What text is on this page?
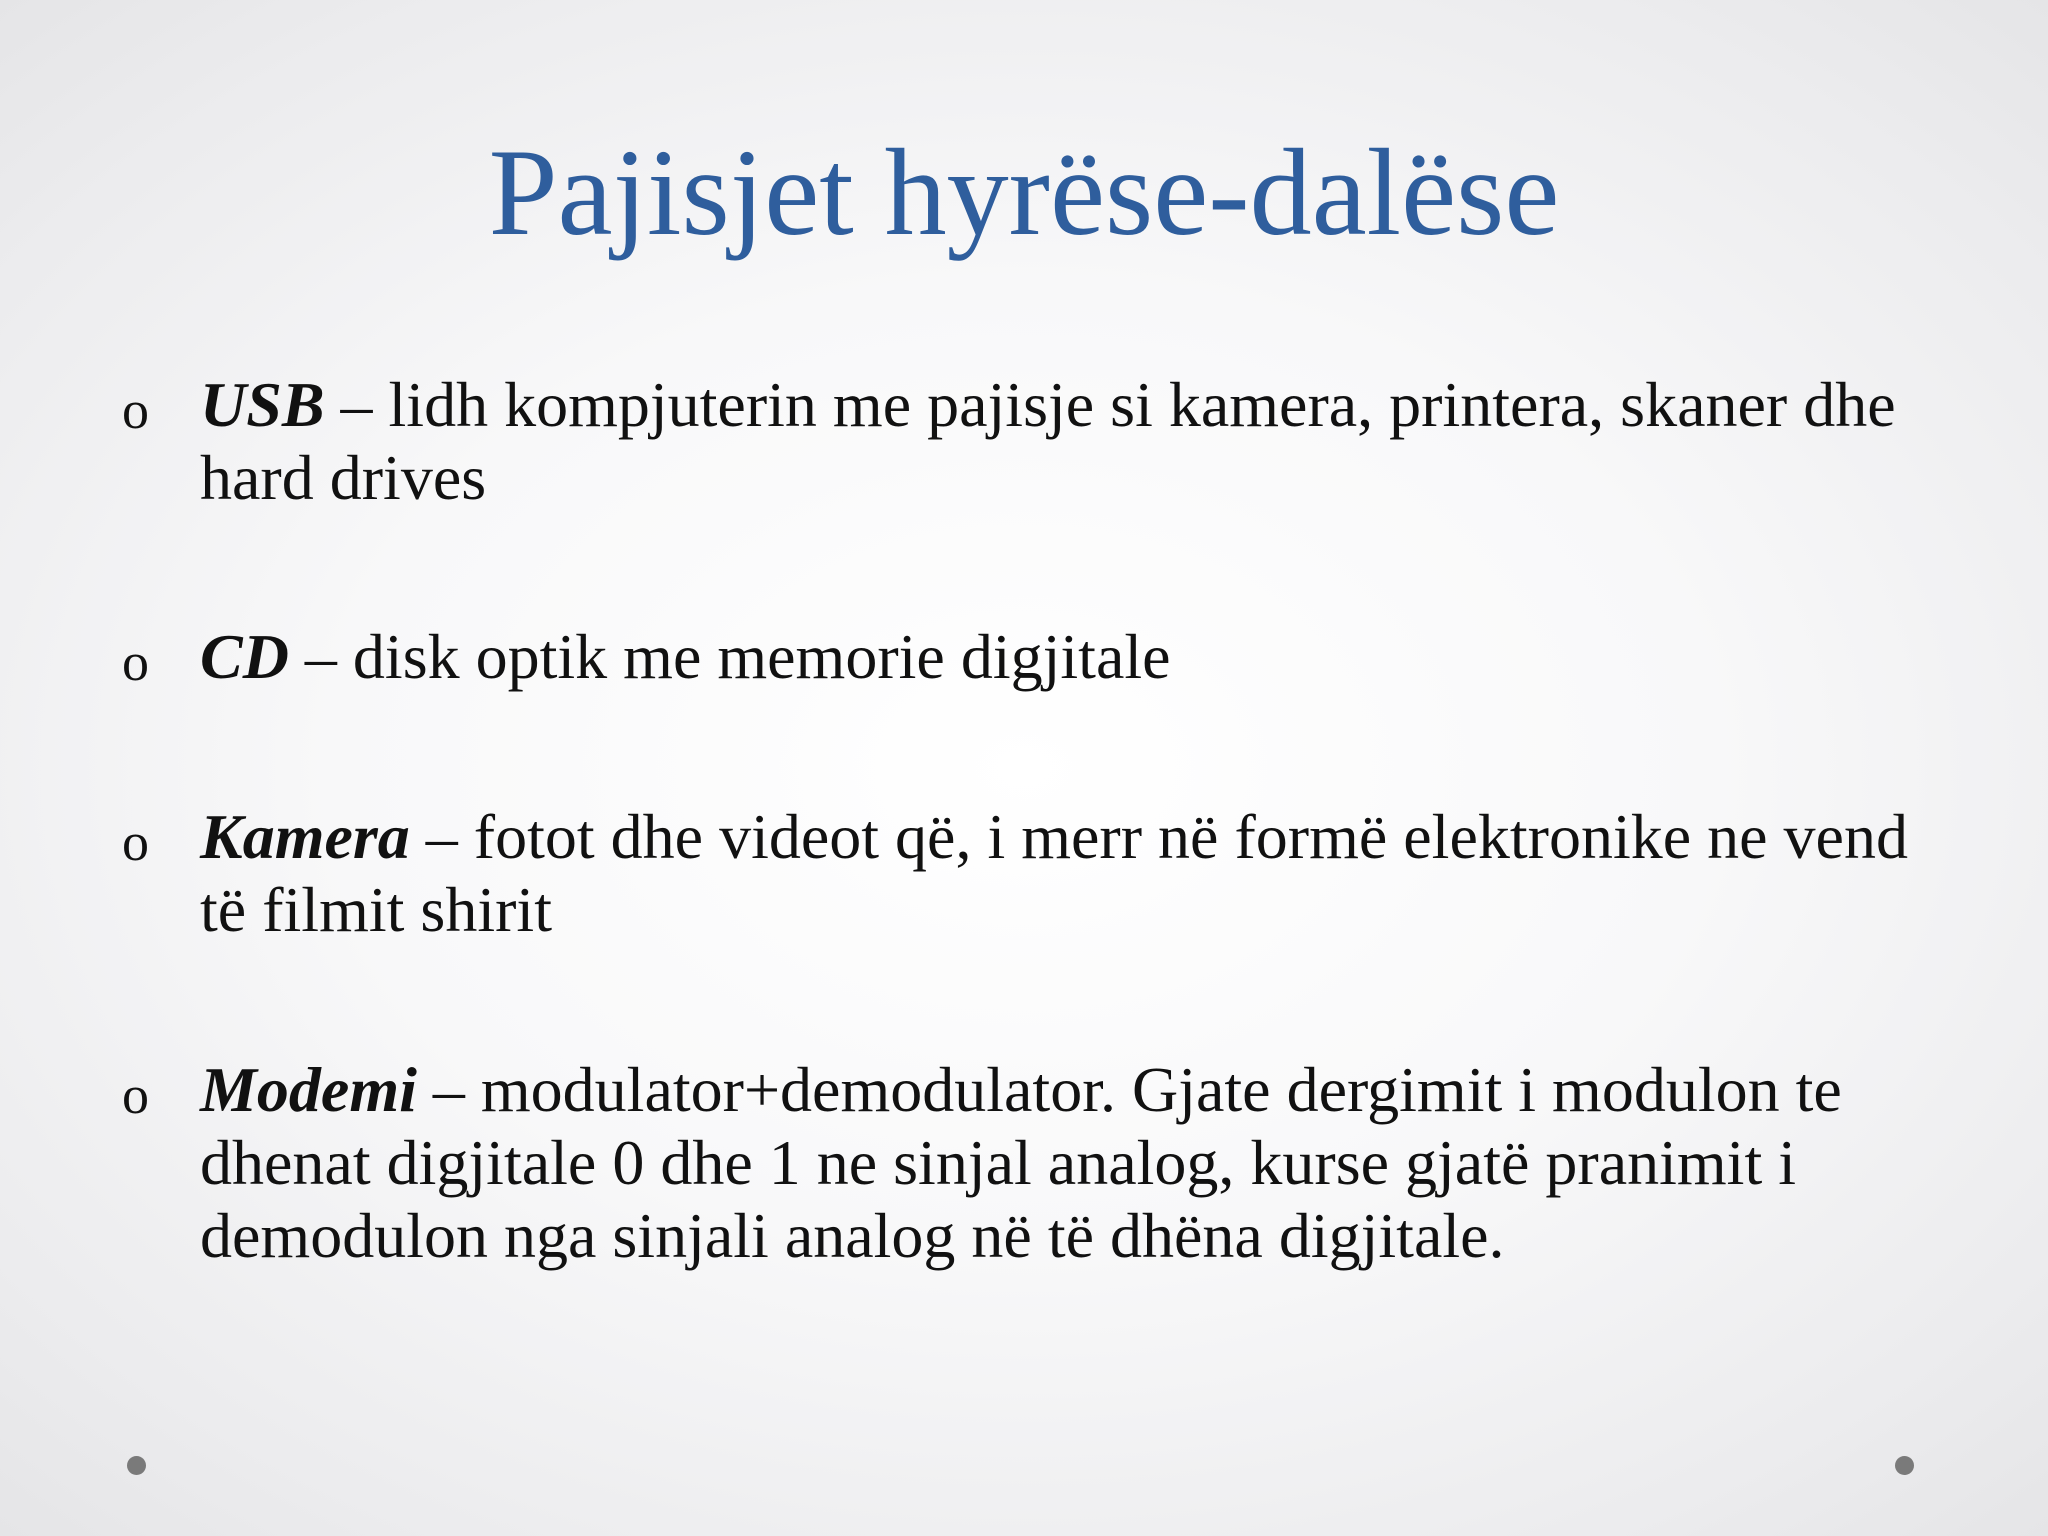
Pajisjet hyrëse-dalëse
o USB – lidh kompjuterin me pajisje si kamera, printera, skaner dhe hard drives
o CD – disk optik me memorie digjitale
o Kamera – fotot dhe videot që, i merr në formë elektronike ne vend të filmit shirit
o Modemi – modulator+demodulator. Gjate dergimit i modulon te dhenat digjitale 0 dhe 1 ne sinjal analog, kurse gjatë pranimit i demodulon nga sinjali analog në të dhëna digjitale.
